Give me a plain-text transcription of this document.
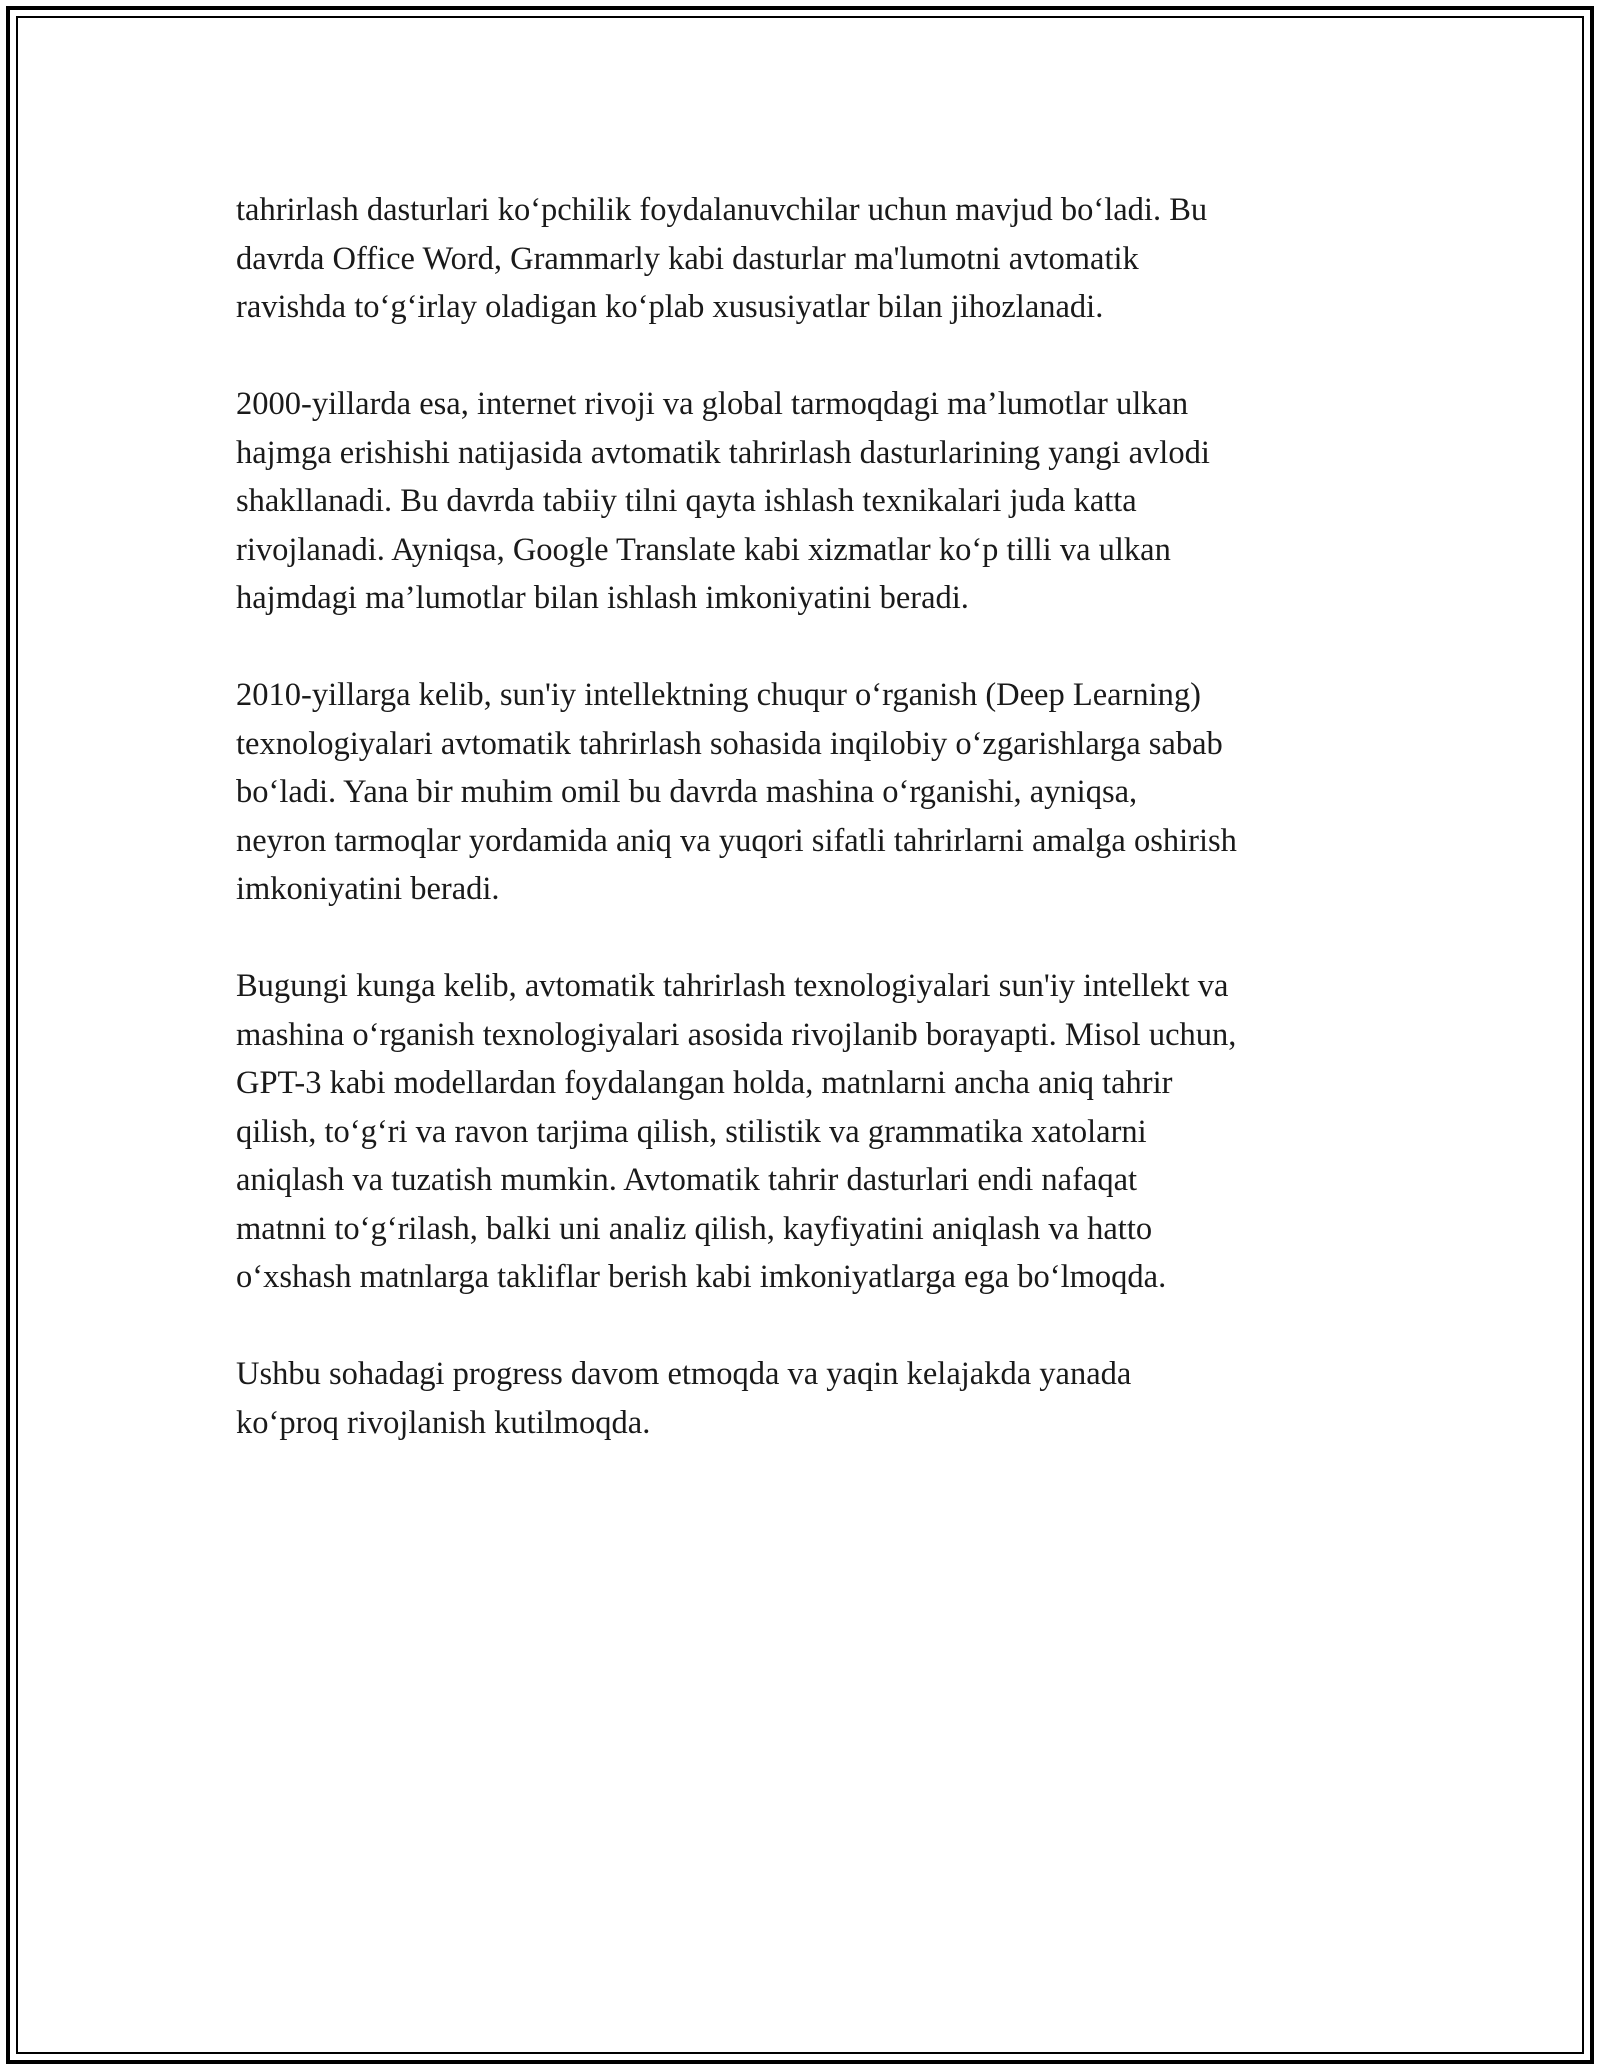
tahrirlash dasturlari ko‘pchilik foydalanuvchilar uchun mavjud bo‘ladi. Bu
davrda Office Word, Grammarly kabi dasturlar ma'lumotni avtomatik
ravishda to‘g‘irlay oladigan ko‘plab xususiyatlar bilan jihozlanadi.

2000-yillarda esa, internet rivoji va global tarmoqdagi ma’lumotlar ulkan
hajmga erishishi natijasida avtomatik tahrirlash dasturlarining yangi avlodi
shakllanadi. Bu davrda tabiiy tilni qayta ishlash texnikalari juda katta
rivojlanadi. Ayniqsa, Google Translate kabi xizmatlar ko‘p tilli va ulkan
hajmdagi ma’lumotlar bilan ishlash imkoniyatini beradi.

2010-yillarga kelib, sun'iy intellektning chuqur o‘rganish (Deep Learning)
texnologiyalari avtomatik tahrirlash sohasida inqilobiy o‘zgarishlarga sabab
bo‘ladi. Yana bir muhim omil bu davrda mashina o‘rganishi, ayniqsa,
neyron tarmoqlar yordamida aniq va yuqori sifatli tahrirlarni amalga oshirish
imkoniyatini beradi.

Bugungi kunga kelib, avtomatik tahrirlash texnologiyalari sun'iy intellekt va
mashina o‘rganish texnologiyalari asosida rivojlanib borayapti. Misol uchun,
GPT-3 kabi modellardan foydalangan holda, matnlarni ancha aniq tahrir
qilish, to‘g‘ri va ravon tarjima qilish, stilistik va grammatika xatolarni
aniqlash va tuzatish mumkin. Avtomatik tahrir dasturlari endi nafaqat
matnni to‘g‘rilash, balki uni analiz qilish, kayfiyatini aniqlash va hatto
o‘xshash matnlarga takliflar berish kabi imkoniyatlarga ega bo‘lmoqda.

Ushbu sohadagi progress davom etmoqda va yaqin kelajakda yanada
ko‘proq rivojlanish kutilmoqda.
